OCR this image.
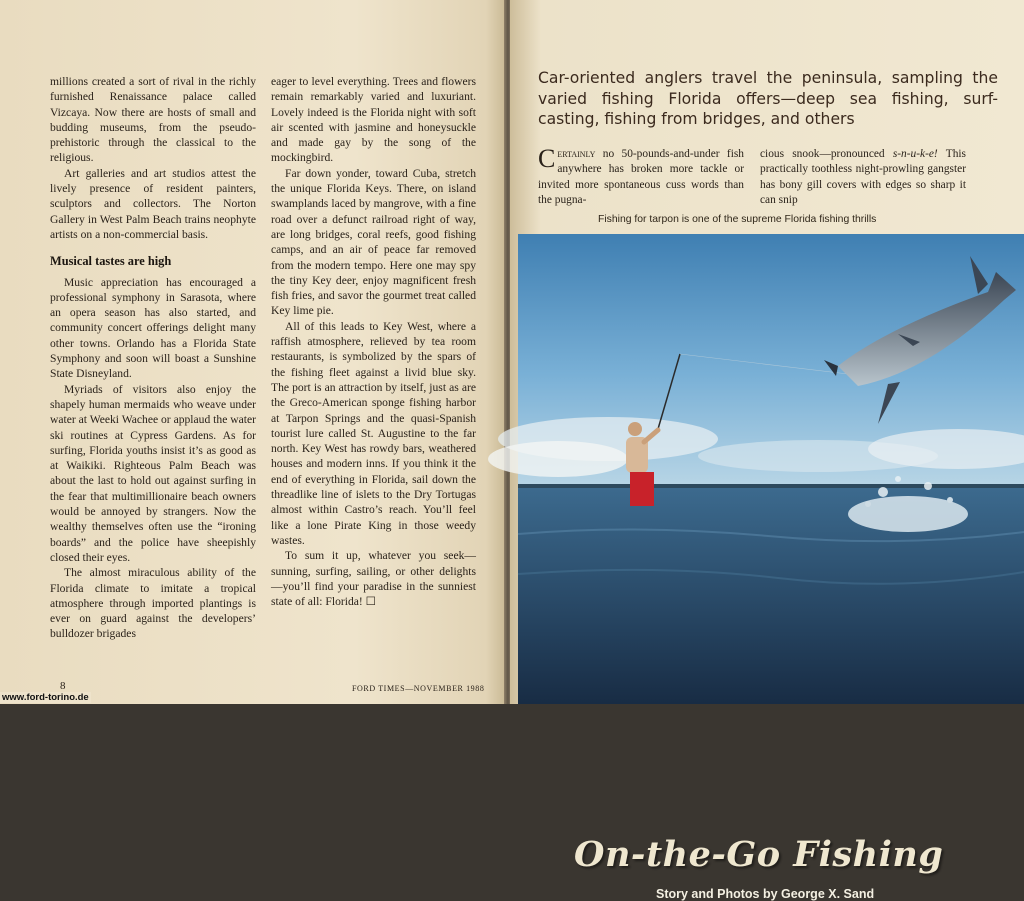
millions created a sort of rival in the richly furnished Renaissance palace called Vizcaya. Now there are hosts of small and budding museums, from the pseudo-prehistoric through the classical to the religious.

Art galleries and art studios attest the lively presence of resident painters, sculptors and collectors. The Norton Gallery in West Palm Beach trains neophyte artists on a non-commercial basis.

Musical tastes are high

Music appreciation has encouraged a professional symphony in Sarasota, where an opera season has also started, and community concert offerings delight many other towns. Orlando has a Florida State Symphony and soon will boast a Sunshine State Disneyland.

Myriads of visitors also enjoy the shapely human mermaids who weave under water at Weeki Wachee or applaud the water ski routines at Cypress Gardens. As for surfing, Florida youths insist it’s as good as at Waikiki. Righteous Palm Beach was about the last to hold out against surfing in the fear that multimillionaire beach owners would be annoyed by strangers. Now the wealthy themselves often use the “ironing boards” and the police have sheepishly closed their eyes.

The almost miraculous ability of the Florida climate to imitate a tropical atmosphere through imported plantings is ever on guard against the developers’ bulldozer brigades

eager to level everything. Trees and flowers remain remarkably varied and luxuriant. Lovely indeed is the Florida night with soft air scented with jasmine and honeysuckle and made gay by the song of the mockingbird.

Far down yonder, toward Cuba, stretch the unique Florida Keys. There, on island swamplands laced by mangrove, with a fine road over a defunct railroad right of way, are long bridges, coral reefs, good fishing camps, and an air of peace far removed from the modern tempo. Here one may spy the tiny Key deer, enjoy magnificent fresh fish fries, and savor the gourmet treat called Key lime pie.

All of this leads to Key West, where a raffish atmosphere, relieved by tea room restaurants, is symbolized by the spars of the fishing fleet against a livid blue sky. The port is an attraction by itself, just as are the Greco-American sponge fishing harbor at Tarpon Springs and the quasi-Spanish tourist lure called St. Augustine to the far north. Key West has rowdy bars, weathered houses and modern inns. If you think it the end of everything in Florida, sail down the threadlike line of islets to the Dry Tortugas almost within Castro’s reach. You’ll feel like a lone Pirate King in those weedy wastes.

To sum it up, whatever you seek—sunning, surfing, sailing, or other delights—you’ll find your paradise in the sunniest state of all: Florida! ☐

8	FORD TIMES—NOVEMBER 1988
Car-oriented anglers travel the peninsula, sampling the varied fishing Florida offers—deep sea fishing, surf-casting, fishing from bridges, and others
Certainly no 50-pounds-and-under fish anywhere has broken more tackle or invited more spontaneous cuss words than the pugna-
cious snook—pronounced s-n-u-k-e! This practically toothless night-prowling gangster has bony gill covers with edges so sharp it can snip
Fishing for tarpon is one of the supreme Florida fishing thrills
On-the-Go Fishing
Story and Photos by George X. Sand
www.ford-torino.de
